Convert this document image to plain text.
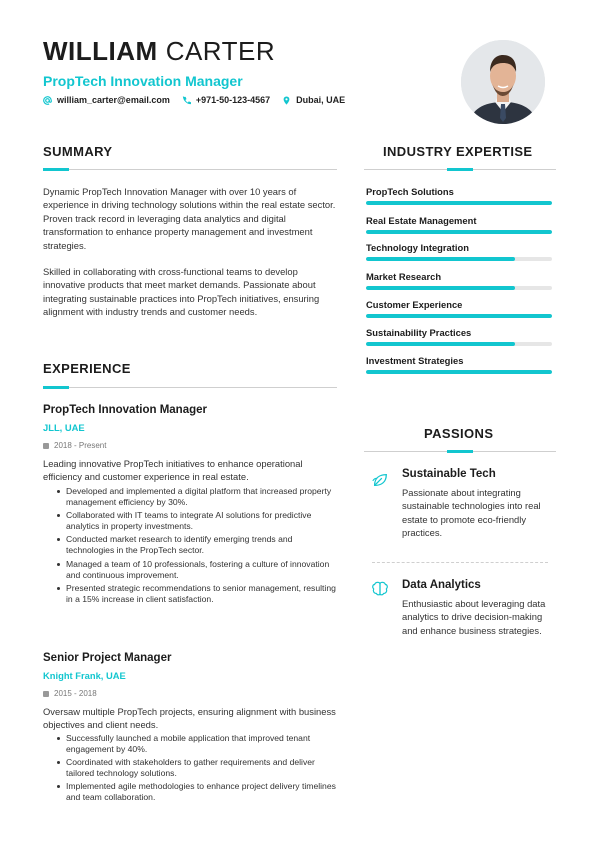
WILLIAM CARTER
PropTech Innovation Manager
william_carter@email.com	+971-50-123-4567	Dubai, UAE
SUMMARY
Dynamic PropTech Innovation Manager with over 10 years of experience in driving technology solutions within the real estate sector. Proven track record in leveraging data analytics and digital transformation to enhance property management and investment strategies.
Skilled in collaborating with cross-functional teams to develop innovative products that meet market demands. Passionate about integrating sustainable practices into PropTech initiatives, ensuring alignment with industry trends and customer needs.
EXPERIENCE
PropTech Innovation Manager
JLL, UAE
2018 - Present
Leading innovative PropTech initiatives to enhance operational efficiency and customer experience in real estate.
Developed and implemented a digital platform that increased property management efficiency by 30%.
Collaborated with IT teams to integrate AI solutions for predictive analytics in property investments.
Conducted market research to identify emerging trends and technologies in the PropTech sector.
Managed a team of 10 professionals, fostering a culture of innovation and continuous improvement.
Presented strategic recommendations to senior management, resulting in a 15% increase in client satisfaction.
Senior Project Manager
Knight Frank, UAE
2015 - 2018
Oversaw multiple PropTech projects, ensuring alignment with business objectives and client needs.
Successfully launched a mobile application that improved tenant engagement by 40%.
Coordinated with stakeholders to gather requirements and deliver tailored technology solutions.
Implemented agile methodologies to enhance project delivery timelines and team collaboration.
INDUSTRY EXPERTISE
PropTech Solutions
Real Estate Management
Technology Integration
Market Research
Customer Experience
Sustainability Practices
Investment Strategies
PASSIONS
Sustainable Tech
Passionate about integrating sustainable technologies into real estate to promote eco-friendly practices.
Data Analytics
Enthusiastic about leveraging data analytics to drive decision-making and enhance business strategies.
